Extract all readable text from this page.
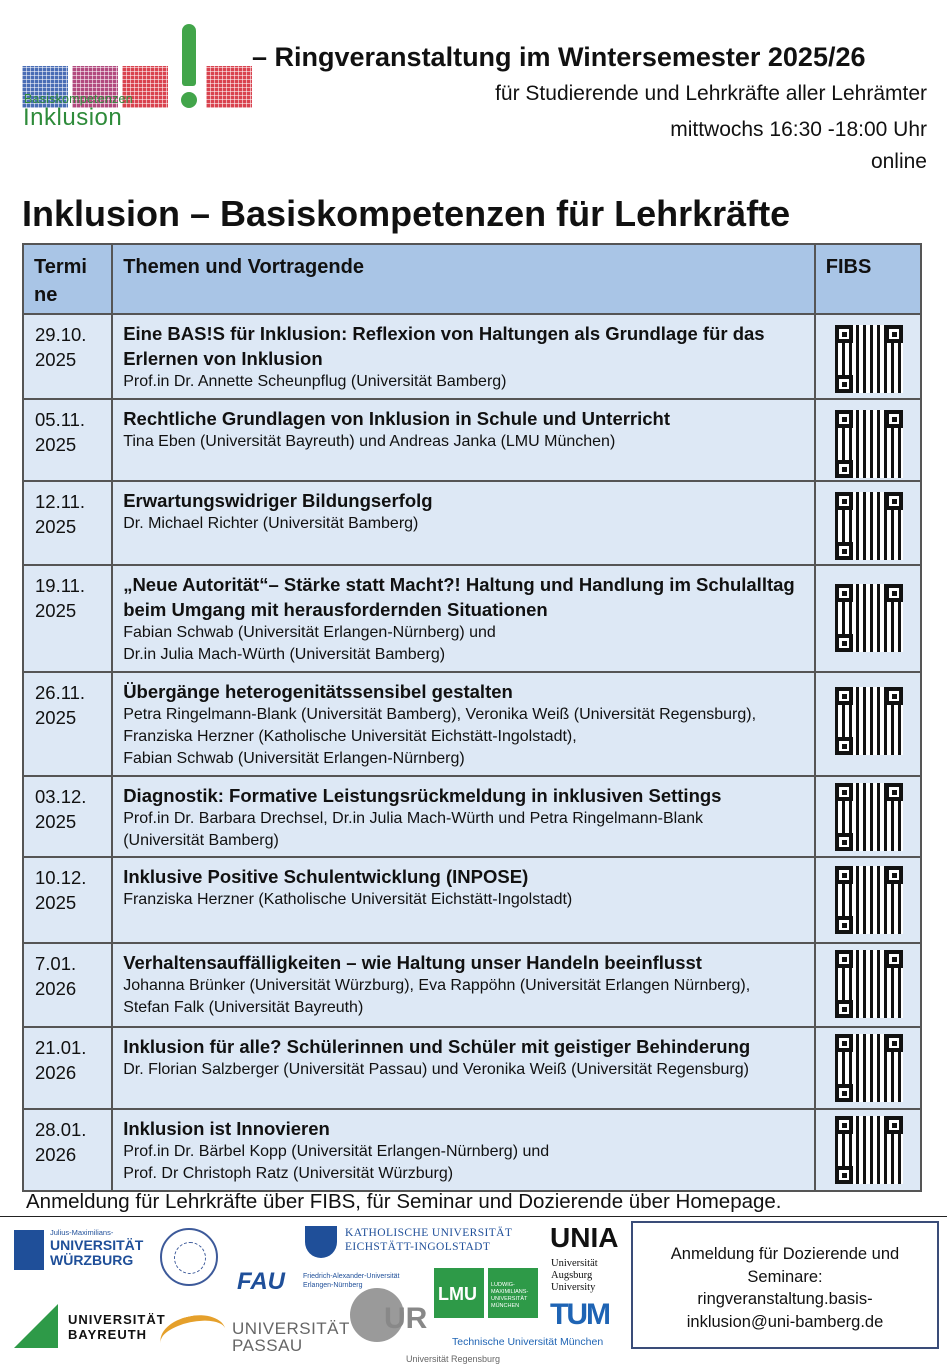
Basiskompetenzen
Inklusion
– Ringveranstaltung im Wintersemester 2025/26
für Studierende und Lehrkräfte aller Lehrämter
mittwochs 16:30 -18:00 Uhr
online
Inklusion – Basiskompetenzen für Lehrkräfte
Termine	Themen und Vortragende	FIBS

29.10. 2025	Eine BAS!S für Inklusion: Reflexion von Haltungen als Grundlage für das Erlernen von Inklusion
Prof.in Dr. Annette Scheunpflug (Universität Bamberg)	

05.11. 2025	Rechtliche Grundlagen von Inklusion in Schule und Unterricht
Tina Eben (Universität Bayreuth) und Andreas Janka (LMU München)	

12.11. 2025	Erwartungswidriger Bildungserfolg
Dr. Michael Richter (Universität Bamberg)	

19.11. 2025	„Neue Autorität“– Stärke statt Macht?! Haltung und Handlung im Schulalltag beim Umgang mit herausfordernden Situationen
Fabian Schwab (Universität Erlangen-Nürnberg) und
Dr.in Julia Mach-Würth (Universität Bamberg)	

26.11. 2025	Übergänge heterogenitätssensibel gestalten
Petra Ringelmann-Blank (Universität Bamberg), Veronika Weiß (Universität Regensburg),
Franziska Herzner (Katholische Universität Eichstätt-Ingolstadt),
Fabian Schwab (Universität Erlangen-Nürnberg)	

03.12. 2025	Diagnostik: Formative Leistungsrückmeldung in inklusiven Settings
Prof.in Dr. Barbara Drechsel, Dr.in Julia Mach-Würth und Petra Ringelmann-Blank
(Universität Bamberg)	

10.12. 2025	Inklusive Positive Schulentwicklung (INPOSE)
Franziska Herzner (Katholische Universität Eichstätt-Ingolstadt)	

7.01. 2026	Verhaltensauffälligkeiten – wie Haltung unser Handeln beeinflusst
Johanna Brünker (Universität Würzburg), Eva Rappöhn (Universität Erlangen Nürnberg),
Stefan Falk (Universität Bayreuth)	

21.01. 2026	Inklusion für alle? Schülerinnen und Schüler mit geistiger Behinderung
Dr. Florian Salzberger (Universität Passau) und Veronika Weiß (Universität Regensburg)	

28.01. 2026	Inklusion ist Innovieren
Prof.in Dr. Bärbel Kopp (Universität Erlangen-Nürnberg) und
Prof. Dr Christoph Ratz (Universität Würzburg)	

Anmeldung für Lehrkräfte über FIBS, für Seminar und Dozierende über Homepage.
Julius-Maximilians-
UNIVERSITÄT WÜRZBURG
KATHOLISCHE UNIVERSITÄT EICHSTÄTT-INGOLSTADT
FAU	Friedrich-Alexander-Universität Erlangen-Nürnberg
UNIA
Universität Augsburg University
UNIVERSITÄT BAYREUTH	UNIVERSITÄT PASSAU
UR
Universität Regensburg
LMU	LUDWIG-MAXIMILIANS-UNIVERSITÄT MÜNCHEN	TUM
Technische Universität München
Anmeldung für Dozierende und
Seminare:
ringveranstaltung.basis-
inklusion@uni-bamberg.de
